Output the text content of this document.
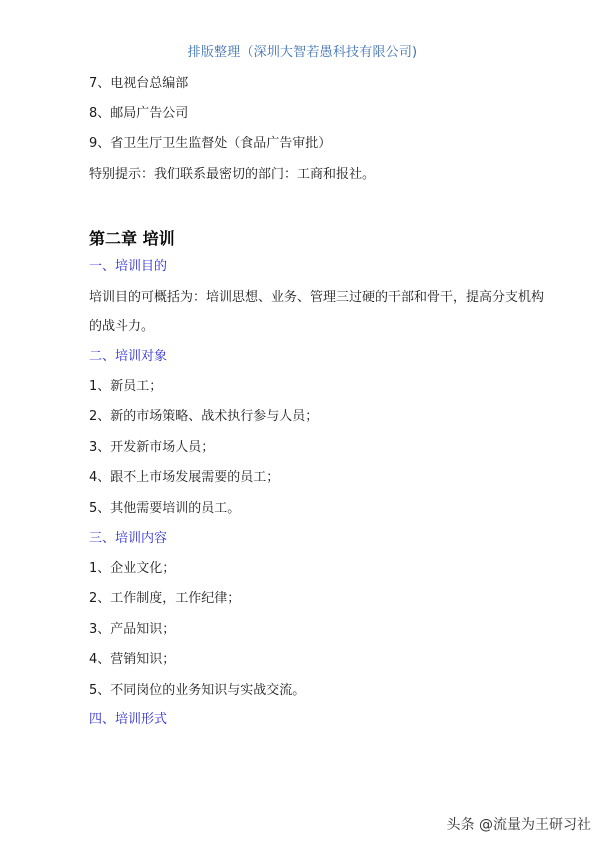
排版整理（深圳大智若愚科技有限公司)
7、电视台总编部
8、邮局广告公司
9、省卫生厅卫生监督处（食品广告审批）
特别提示：我们联系最密切的部门：工商和报社。
第二章 培训
一、培训目的
培训目的可概括为：培训思想、业务、管理三过硬的干部和骨干，提高分支机构
的战斗力。
二、培训对象
1、新员工；
2、新的市场策略、战术执行参与人员；
3、开发新市场人员；
4、跟不上市场发展需要的员工；
5、其他需要培训的员工。
三、培训内容
1、企业文化；
2、工作制度，工作纪律；
3、产品知识；
4、营销知识；
5、不同岗位的业务知识与实战交流。
四、培训形式
头条 @流量为王研习社
